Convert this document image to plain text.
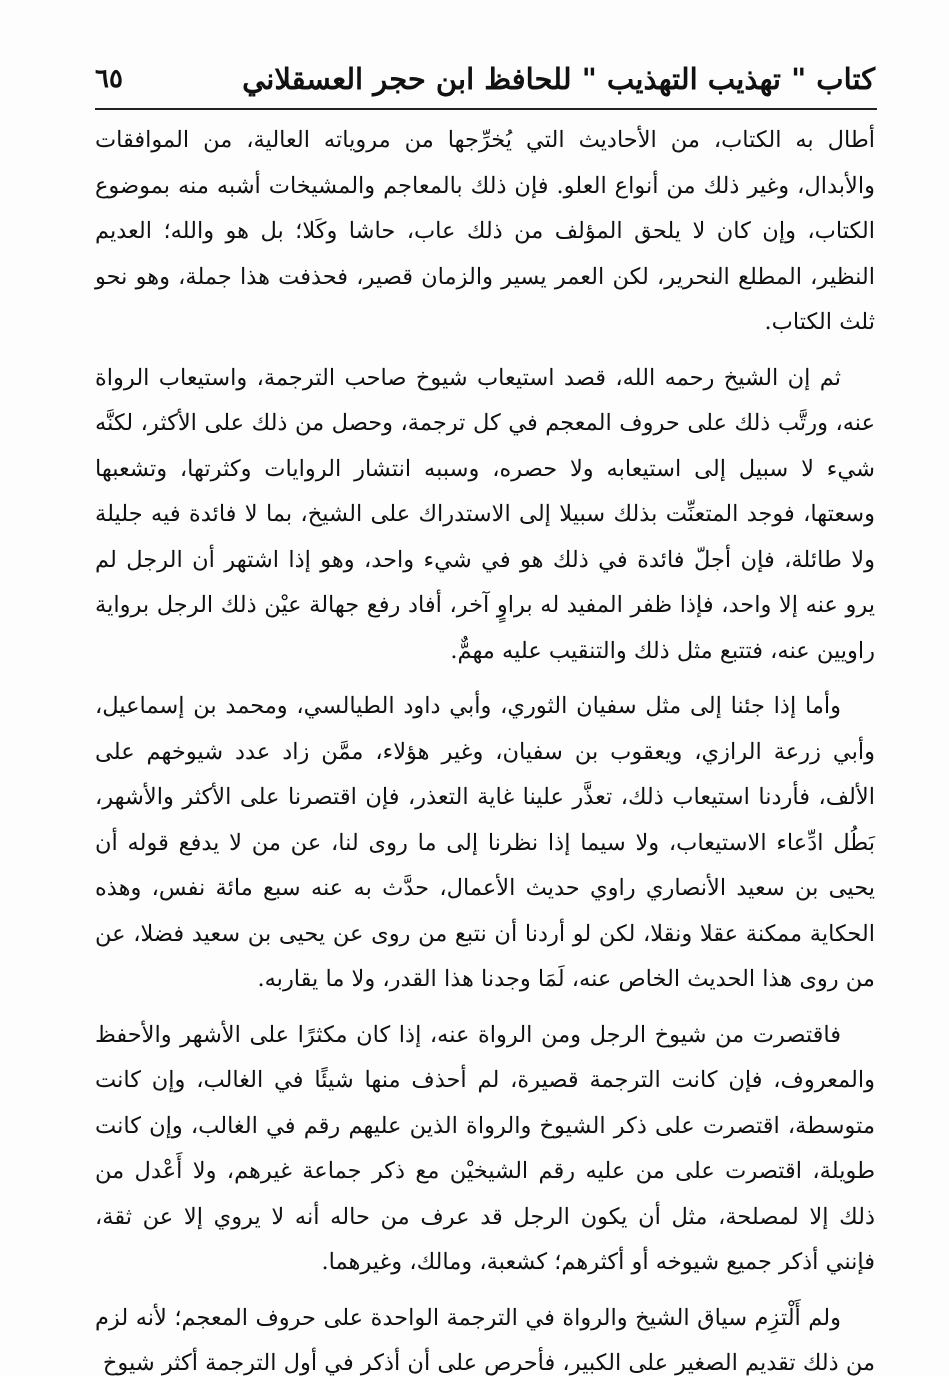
كتاب " تهذيب التهذيب " للحافظ ابن حجر العسقلاني
٦٥

أطال به الكتاب، من الأحاديث التي يُخرِّجها من مروياته العالية، من الموافقات والأبدال، وغير ذلك من أنواع العلو. فإن ذلك بالمعاجم والمشيخات أشبه منه بموضوع الكتاب، وإن كان لا يلحق المؤلف من ذلك عاب، حاشا وكَلا؛ بل هو والله؛ العديم النظير، المطلع النحرير، لكن العمر يسير والزمان قصير، فحذفت هذا جملة، وهو نحو ثلث الكتاب.

ثم إن الشيخ رحمه الله، قصد استيعاب شيوخ صاحب الترجمة، واستيعاب الرواة عنه، ورتَّب ذلك على حروف المعجم في كل ترجمة، وحصل من ذلك على الأكثر، لكنَّه شيء لا سبيل إلى استيعابه ولا حصره، وسببه انتشار الروايات وكثرتها، وتشعبها وسعتها، فوجد المتعنِّت بذلك سبيلا إلى الاستدراك على الشيخ، بما لا فائدة فيه جليلة ولا طائلة، فإن أجلّ فائدة في ذلك هو في شيء واحد، وهو إذا اشتهر أن الرجل لم يرو عنه إلا واحد، فإذا ظفر المفيد له براوٍ آخر، أفاد رفع جهالة عيْن ذلك الرجل برواية راويين عنه، فتتبع مثل ذلك والتنقيب عليه مهمٌّ.

وأما إذا جئنا إلى مثل سفيان الثوري، وأبي داود الطيالسي، ومحمد بن إسماعيل، وأبي زرعة الرازي، ويعقوب بن سفيان، وغير هؤلاء، ممَّن زاد عدد شيوخهم على الألف، فأردنا استيعاب ذلك، تعذَّر علينا غاية التعذر، فإن اقتصرنا على الأكثر والأشهر، بَطُل ادِّعاء الاستيعاب، ولا سيما إذا نظرنا إلى ما روى لنا، عن من لا يدفع قوله أن يحيى بن سعيد الأنصاري راوي حديث الأعمال، حدَّث به عنه سبع مائة نفس، وهذه الحكاية ممكنة عقلا ونقلا، لكن لو أردنا أن نتبع من روى عن يحيى بن سعيد فضلا، عن من روى هذا الحديث الخاص عنه، لَمَا وجدنا هذا القدر، ولا ما يقاربه.

فاقتصرت من شيوخ الرجل ومن الرواة عنه، إذا كان مكثرًا على الأشهر والأحفظ والمعروف، فإن كانت الترجمة قصيرة، لم أحذف منها شيئًا في الغالب، وإن كانت متوسطة، اقتصرت على ذكر الشيوخ والرواة الذين عليهم رقم في الغالب، وإن كانت طويلة، اقتصرت على من عليه رقم الشيخيْن مع ذكر جماعة غيرهم، ولا أَعْدل من ذلك إلا لمصلحة، مثل أن يكون الرجل قد عرف من حاله أنه لا يروي إلا عن ثقة، فإنني أذكر جميع شيوخه أو أكثرهم؛ كشعبة، ومالك، وغيرهما.

ولم أَلْتزِم سياق الشيخ والرواة في الترجمة الواحدة على حروف المعجم؛ لأنه لزم من ذلك تقديم الصغير على الكبير، فأحرص على أن أذكر في أول الترجمة أكثر شيوخ
